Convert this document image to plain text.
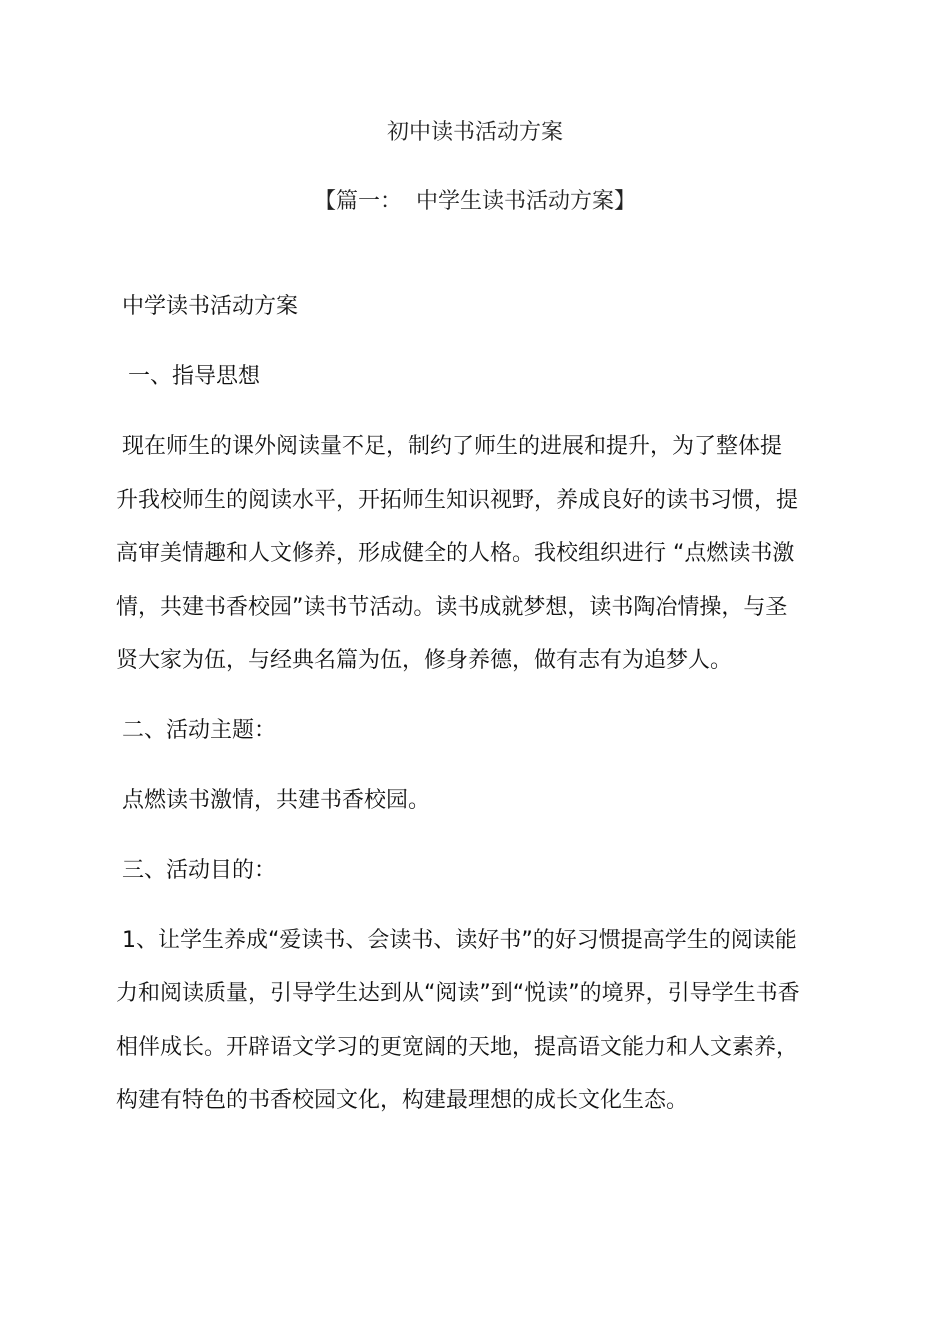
初中读书活动方案
【篇一：  中学生读书活动方案】

中学读书活动方案

一、指导思想

现在师生的课外阅读量不足，制约了师生的进展和提升，为了整体提

升我校师生的阅读水平，开拓师生知识视野，养成良好的读书习惯，提

高审美情趣和人文修养，形成健全的人格。我校组织进行 “点燃读书激

情，共建书香校园”读书节活动。读书成就梦想，读书陶冶情操，与圣

贤大家为伍，与经典名篇为伍，修身养德，做有志有为追梦人。

二、活动主题：

点燃读书激情，共建书香校园。

三、活动目的：

1、让学生养成“爱读书、会读书、读好书”的好习惯提高学生的阅读能

力和阅读质量，引导学生达到从“阅读”到“悦读”的境界，引导学生书香

相伴成长。开辟语文学习的更宽阔的天地，提高语文能力和人文素养，

构建有特色的书香校园文化，构建最理想的成长文化生态。
